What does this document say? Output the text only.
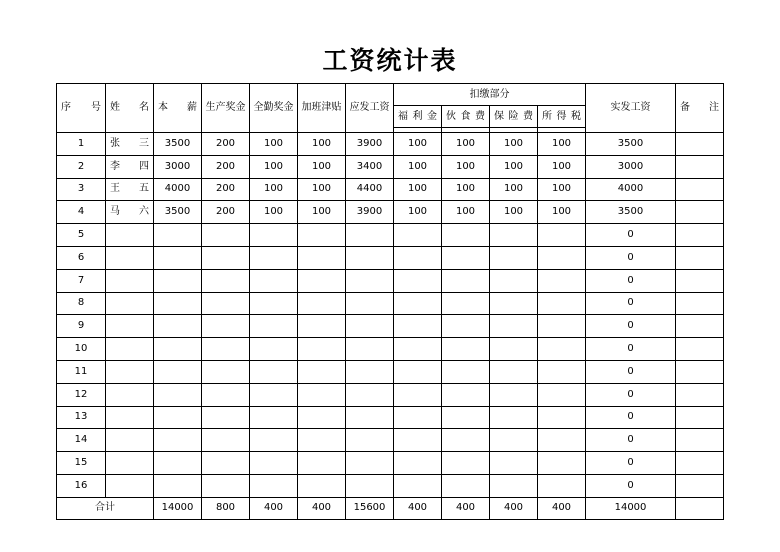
工资统计表
序 号	姓 名	本 薪	生产奖金	全勤奖金	加班津贴	应发工资	扣缴部分				实发工资	备 注

							福 利 金	伙 食 费	保 险 费	所 得 税		

1	张 三	3500	200	100	100	3900	100	100	100	100	3500	
2	李 四	3000	200	100	100	3400	100	100	100	100	3000	
3	王 五	4000	200	100	100	4400	100	100	100	100	4000	
4	马 六	3500	200	100	100	3900	100	100	100	100	3500	
5											0	
6											0	
7											0	
8											0	
9											0	
10											0	
11											0	
12											0	
13											0	
14											0	
15											0	
16											0	
合计		14000	800	400	400	15600	400	400	400	400	14000	
